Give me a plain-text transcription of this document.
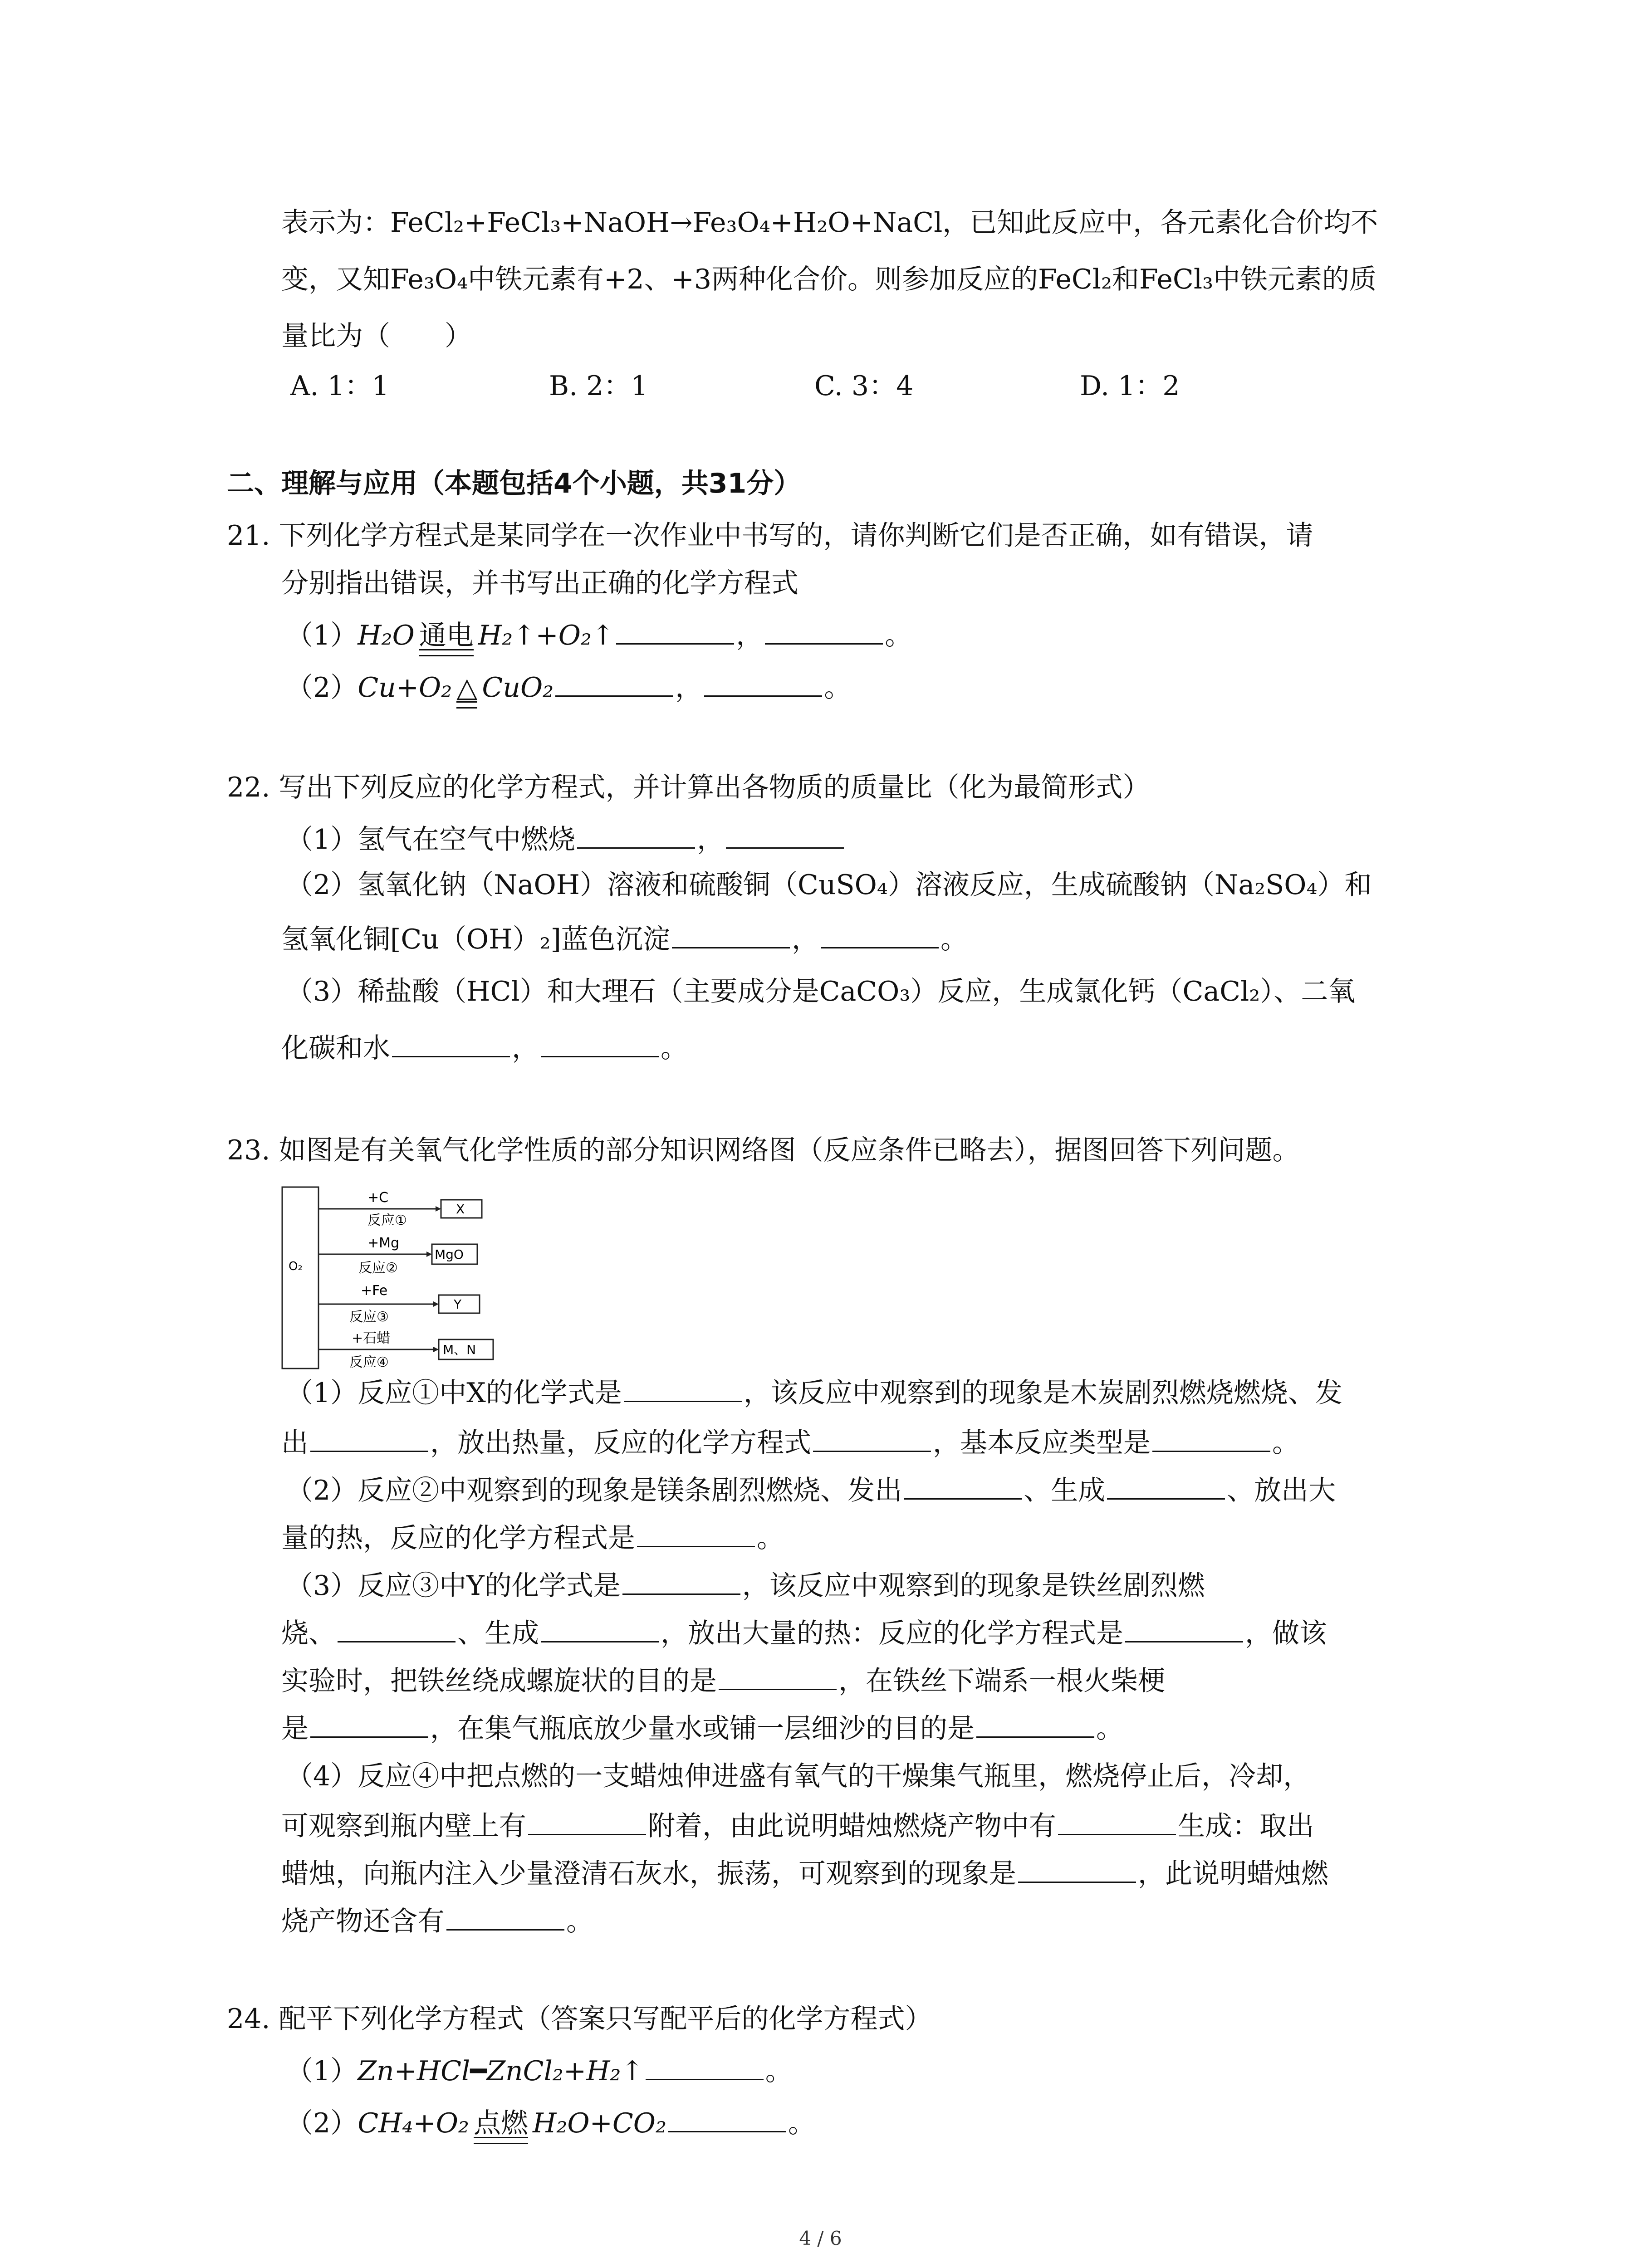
表示为：FeCl₂+FeCl₃+NaOH→Fe₃O₄+H₂O+NaCl，已知此反应中，各元素化合价均不
变，又知Fe₃O₄中铁元素有+2、+3两种化合价。则参加反应的FeCl₂和FeCl₃中铁元素的质
量比为（　　）
A. 1：1	B. 2：1	C. 3：4	D. 1：2
二、理解与应用（本题包括4个小题，共31分）
21. 下列化学方程式是某同学在一次作业中书写的，请你判断它们是否正确，如有错误，请
分别指出错误，并书写出正确的化学方程式
（1）H₂O 通电 H₂↑+O₂↑	，	。
（2）Cu+O₂ △ CuO₂	，	。
22. 写出下列反应的化学方程式，并计算出各物质的质量比（化为最简形式）
（1）氢气在空气中燃烧	，
（2）氢氧化钠（NaOH）溶液和硫酸铜（CuSO₄）溶液反应，生成硫酸钠（Na₂SO₄）和
氢氧化铜[Cu（OH）₂]蓝色沉淀	，	。
（3）稀盐酸（HCl）和大理石（主要成分是CaCO₃）反应，生成氯化钙（CaCl₂）、二氧
化碳和水	，	。
23. 如图是有关氧气化学性质的部分知识网络图（反应条件已略去），据图回答下列问题。
O₂
+C
反应①
X
+Mg
反应②
MgO
+Fe
反应③
Y
+石蜡
反应④
M、N
（1）反应①中X的化学式是	，该反应中观察到的现象是木炭剧烈燃烧燃烧、发
出	，放出热量，反应的化学方程式	，基本反应类型是	。
（2）反应②中观察到的现象是镁条剧烈燃烧、发出	、生成	、放出大
量的热，反应的化学方程式是	。
（3）反应③中Y的化学式是	，该反应中观察到的现象是铁丝剧烈燃
烧、	、生成	，放出大量的热：反应的化学方程式是	，做该
实验时，把铁丝绕成螺旋状的目的是	，在铁丝下端系一根火柴梗
是	，在集气瓶底放少量水或铺一层细沙的目的是	。
（4）反应④中把点燃的一支蜡烛伸进盛有氧气的干燥集气瓶里，燃烧停止后，冷却，
可观察到瓶内壁上有	附着，由此说明蜡烛燃烧产物中有	生成：取出
蜡烛，向瓶内注入少量澄清石灰水，振荡，可观察到的现象是	，此说明蜡烛燃
烧产物还含有	。
24. 配平下列化学方程式（答案只写配平后的化学方程式）
（1）Zn+HCl━ZnCl₂+H₂↑	。
（2）CH₄+O₂ 点燃 H₂O+CO₂	。
4 / 6
